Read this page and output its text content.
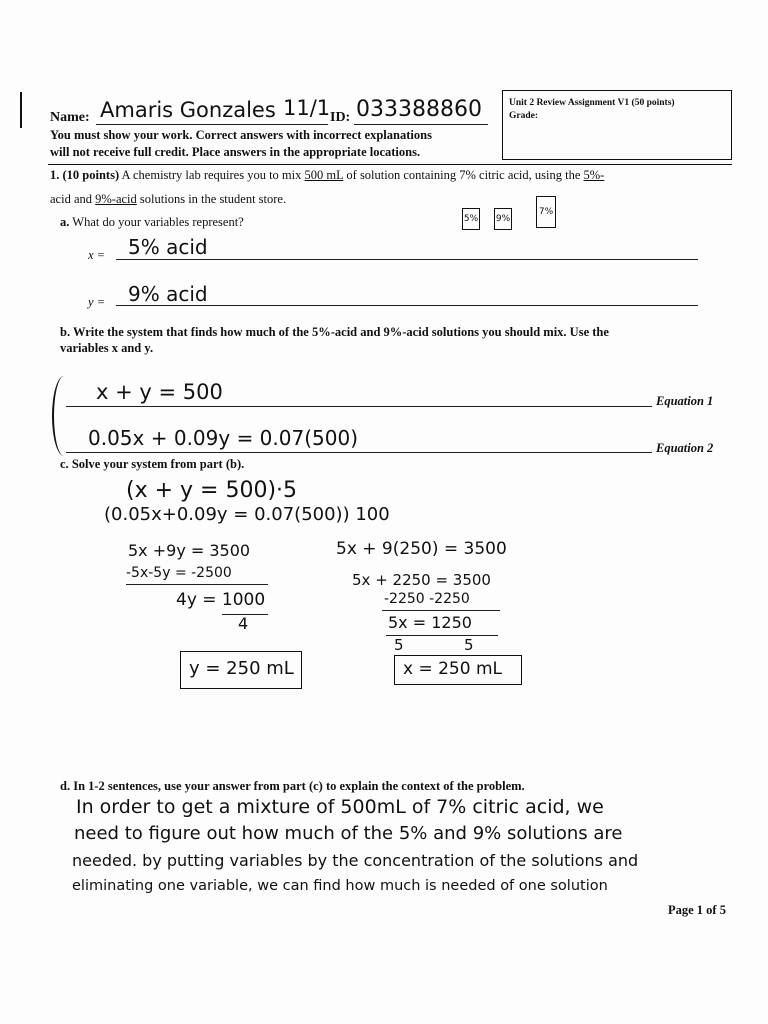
Name: Amaris Gonzales 11/1 ID: 033388860	Unit 2 Review Assignment V1 (50 points)
Grade:
You must show your work. Correct answers with incorrect explanations
will not receive full credit. Place answers in the appropriate locations.
1. (10 points) A chemistry lab requires you to mix 500 mL of solution containing 7% citric acid, using the 5%-
acid and 9%-acid solutions in the student store.
5% 9%
7%
a. What do your variables represent?
x = 5% acid
y = 9% acid
b. Write the system that finds how much of the 5%-acid and 9%-acid solutions you should mix. Use the
variables x and y.
x + y = 500	Equation 1
0.05x + 0.09y = 0.07(500)	Equation 2
c. Solve your system from part (b).
(x + y = 500)·5
(0.05x+0.09y = 0.07(500)) 100
5x +9y = 3500
-5x-5y = -2500
4y = 1000
4
y = 250 mL
5x + 9(250) = 3500
5x + 2250 = 3500
-2250 -2250
5x = 1250
5	5
x = 250 mL
d. In 1-2 sentences, use your answer from part (c) to explain the context of the problem.
In order to get a mixture of 500mL of 7% citric acid, we
need to figure out how much of the 5% and 9% solutions are
needed. by putting variables by the concentration of the solutions and
eliminating one variable, we can find how much is needed of one solution
Page 1 of 5
